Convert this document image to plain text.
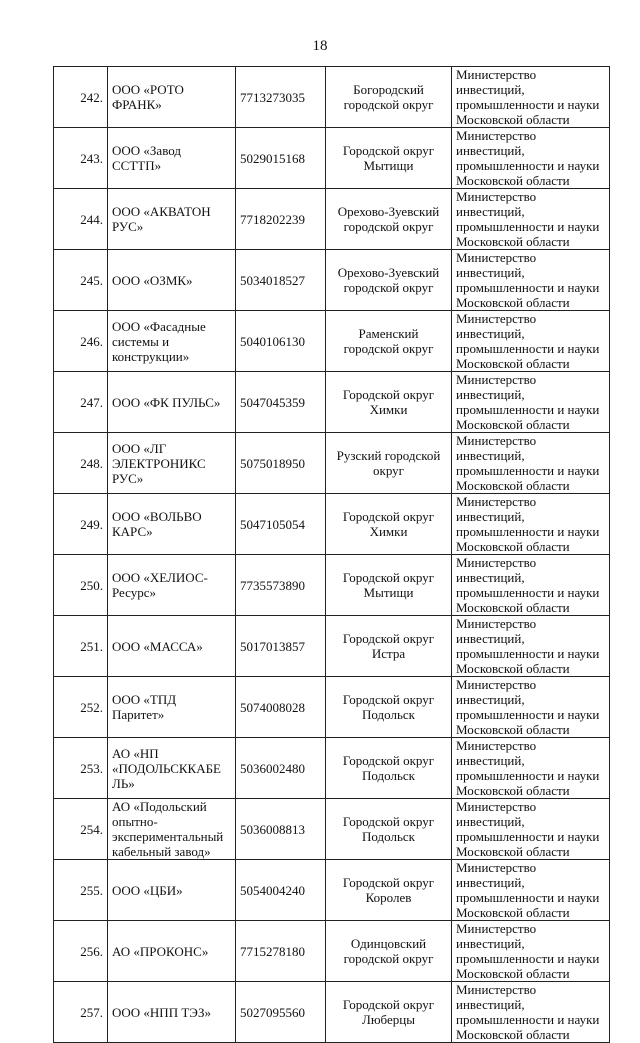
18
242.	ООО «РОТО
ФРАНК»	7713273035	Богородский
городской округ	Министерство инвестиций,
промышленности и науки
Московской области

243.	ООО «Завод
ССТТП»	5029015168	Городской округ
Мытищи	Министерство инвестиций,
промышленности и науки
Московской области

244.	ООО «АКВАТОН
РУС»	7718202239	Орехово-Зуевский
городской округ	Министерство инвестиций,
промышленности и науки
Московской области

245.	ООО «ОЗМК»	5034018527	Орехово-Зуевский
городской округ	Министерство инвестиций,
промышленности и науки
Московской области

246.	ООО «Фасадные
системы и
конструкции»	5040106130	Раменский
городской округ	Министерство инвестиций,
промышленности и науки
Московской области

247.	ООО «ФК ПУЛЬС»	5047045359	Городской округ
Химки	Министерство инвестиций,
промышленности и науки
Московской области

248.	ООО «ЛГ
ЭЛЕКТРОНИКС
РУС»	5075018950	Рузский городской
округ	Министерство инвестиций,
промышленности и науки
Московской области

249.	ООО «ВОЛЬВО
КАРС»	5047105054	Городской округ
Химки	Министерство инвестиций,
промышленности и науки
Московской области

250.	ООО «ХЕЛИОС-
Ресурс»	7735573890	Городской округ
Мытищи	Министерство инвестиций,
промышленности и науки
Московской области

251.	ООО «МАССА»	5017013857	Городской округ
Истра	Министерство инвестиций,
промышленности и науки
Московской области

252.	ООО «ТПД
Паритет»	5074008028	Городской округ
Подольск	Министерство инвестиций,
промышленности и науки
Московской области

253.	АО «НП
«ПОДОЛЬСККАБЕ
ЛЬ»	5036002480	Городской округ
Подольск	Министерство инвестиций,
промышленности и науки
Московской области

254.	АО «Подольский
опытно-
экспериментальный
кабельный завод»	5036008813	Городской округ
Подольск	Министерство инвестиций,
промышленности и науки
Московской области

255.	ООО «ЦБИ»	5054004240	Городской округ
Королев	Министерство инвестиций,
промышленности и науки
Московской области

256.	АО «ПРОКОНС»	7715278180	Одинцовский
городской округ	Министерство инвестиций,
промышленности и науки
Московской области

257.	ООО «НПП ТЭЗ»	5027095560	Городской округ
Люберцы	Министерство инвестиций,
промышленности и науки
Московской области
